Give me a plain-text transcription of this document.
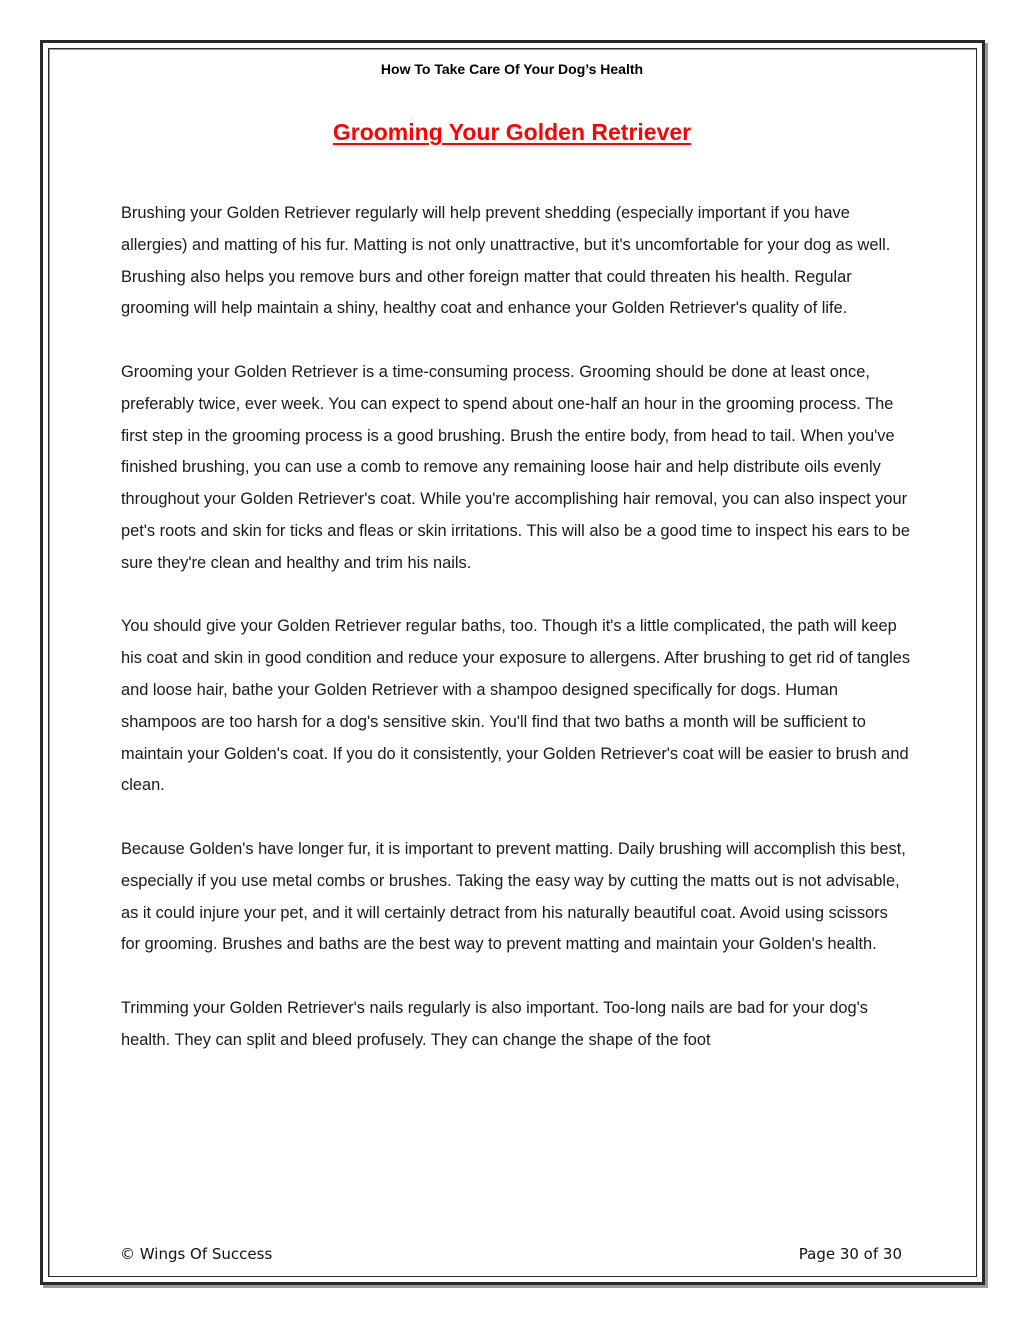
How To Take Care Of Your Dog’s Health
Grooming Your Golden Retriever

Brushing your Golden Retriever regularly will help prevent shedding (especially important if you have allergies) and matting of his fur. Matting is not only unattractive, but it's uncomfortable for your dog as well. Brushing also helps you remove burs and other foreign matter that could threaten his health. Regular grooming will help maintain a shiny, healthy coat and enhance your Golden Retriever's quality of life.

Grooming your Golden Retriever is a time-consuming process. Grooming should be done at least once, preferably twice, ever week. You can expect to spend about one-half an hour in the grooming process. The first step in the grooming process is a good brushing. Brush the entire body, from head to tail. When you've finished brushing, you can use a comb to remove any remaining loose hair and help distribute oils evenly throughout your Golden Retriever's coat. While you're accomplishing hair removal, you can also inspect your pet's roots and skin for ticks and fleas or skin irritations. This will also be a good time to inspect his ears to be sure they're clean and healthy and trim his nails.

You should give your Golden Retriever regular baths, too. Though it's a little complicated, the path will keep his coat and skin in good condition and reduce your exposure to allergens. After brushing to get rid of tangles and loose hair, bathe your Golden Retriever with a shampoo designed specifically for dogs. Human shampoos are too harsh for a dog's sensitive skin. You'll find that two baths a month will be sufficient to maintain your Golden's coat. If you do it consistently, your Golden Retriever's coat will be easier to brush and clean.

Because Golden's have longer fur, it is important to prevent matting. Daily brushing will accomplish this best, especially if you use metal combs or brushes. Taking the easy way by cutting the matts out is not advisable, as it could injure your pet, and it will certainly detract from his naturally beautiful coat. Avoid using scissors for grooming. Brushes and baths are the best way to prevent matting and maintain your Golden's health.

Trimming your Golden Retriever's nails regularly is also important. Too-long nails are bad for your dog's health. They can split and bleed profusely. They can change the shape of the foot

© Wings Of Success	Page 30 of 30
